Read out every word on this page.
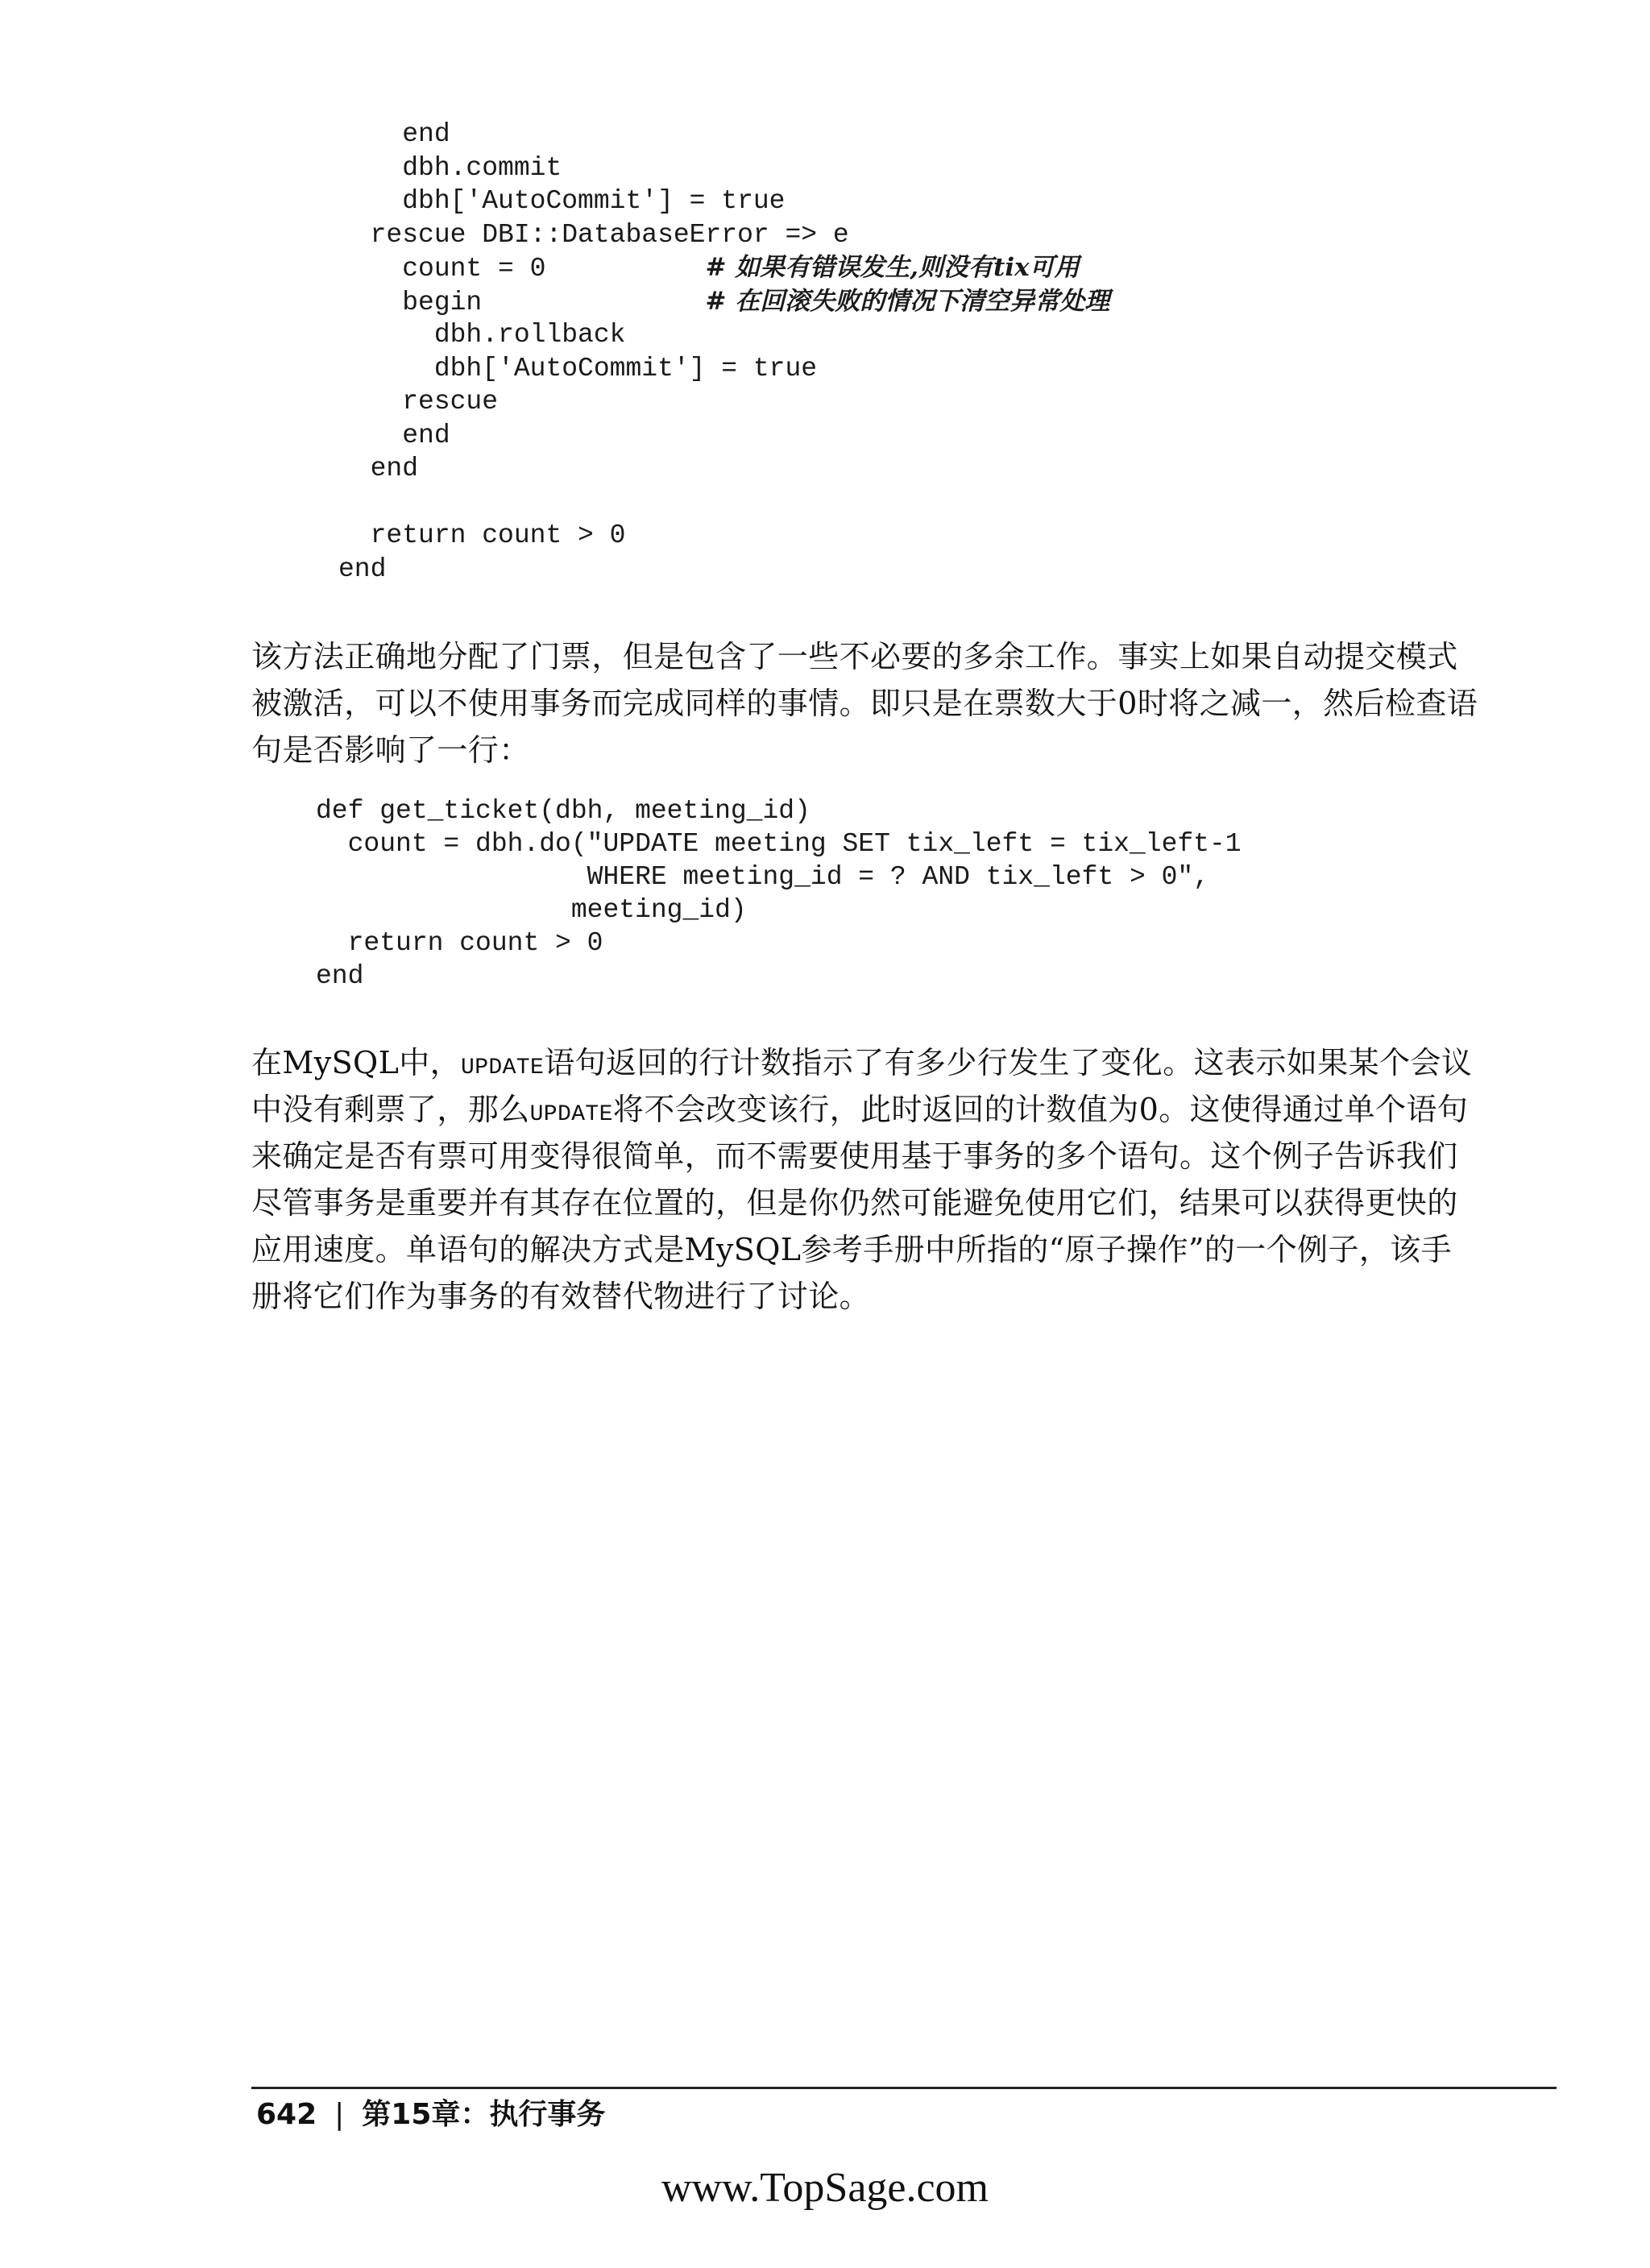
end
dbh.commit
dbh['AutoCommit'] = true
rescue DBI::DatabaseError => e
count = 0	# 如果有错误发生,则没有tix可用
begin	# 在回滚失败的情况下清空异常处理
dbh.rollback
dbh['AutoCommit'] = true
rescue
end
end
return count > 0
end
该方法正确地分配了门票，但是包含了一些不必要的多余工作。事实上如果自动提交模式
被激活，可以不使用事务而完成同样的事情。即只是在票数大于0时将之减一，然后检查语
句是否影响了一行：
def get_ticket(dbh, meeting_id)
count = dbh.do("UPDATE meeting SET tix_left = tix_left-1
WHERE meeting_id = ? AND tix_left > 0",
meeting_id)
return count > 0
end
在MySQL中，UPDATE语句返回的行计数指示了有多少行发生了变化。这表示如果某个会议
中没有剩票了，那么UPDATE将不会改变该行，此时返回的计数值为0。这使得通过单个语句
来确定是否有票可用变得很简单，而不需要使用基于事务的多个语句。这个例子告诉我们
尽管事务是重要并有其存在位置的，但是你仍然可能避免使用它们，结果可以获得更快的
应用速度。单语句的解决方式是MySQL参考手册中所指的“原子操作”的一个例子，该手
册将它们作为事务的有效替代物进行了讨论。
642 | 第15章：执行事务
www.TopSage.com
